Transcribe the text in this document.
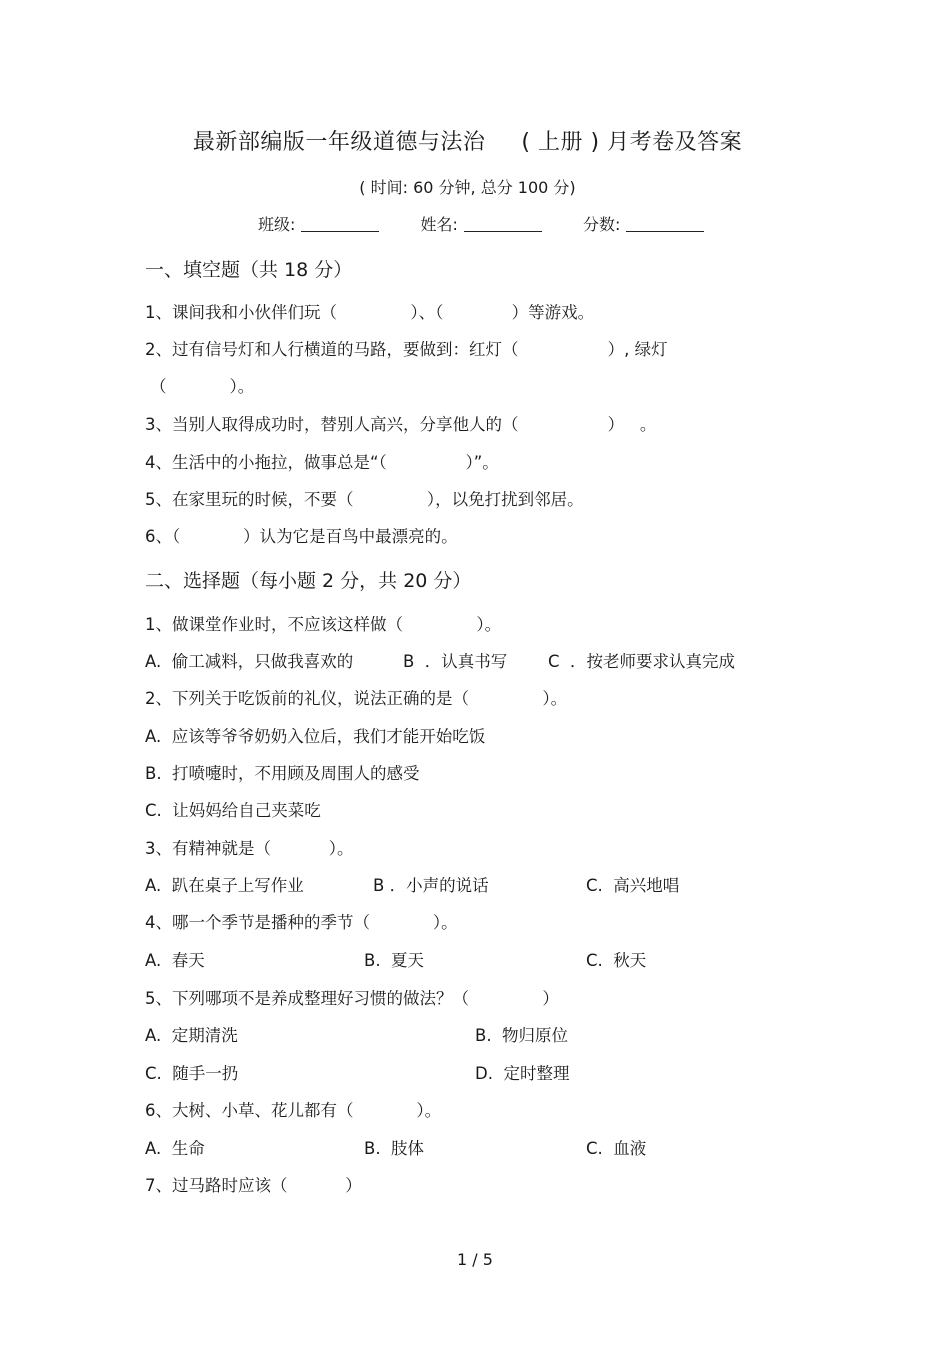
最新部编版一年级道德与法治 ( 上册 ) 月考卷及答案
( 时间: 60 分钟, 总分 100 分)
班级:	姓名:	分数:
一、填空题（共 18 分）
1、课间我和小伙伴们玩（              ）、（             ）等游戏。
2、过有信号灯和人行横道的马路，要做到：红灯（                 ）, 绿灯
（            ）。
3、当别人取得成功时，替别人高兴，分享他人的（                 ）   。
4、生活中的小拖拉，做事总是“（               ）”。
5、在家里玩的时候，不要（              ），以免打扰到邻居。
6、（            ）认为它是百鸟中最漂亮的。
二、选择题（每小题 2 分，共 20 分）
1、做课堂作业时，不应该这样做（              ）。
A.  偷工减料，只做我喜欢的	B  ．认真书写 C  ．按老师要求认真完成
2、下列关于吃饭前的礼仪，说法正确的是（              ）。
A.  应该等爷爷奶奶入位后，我们才能开始吃饭
B.  打喷嚏时，不用顾及周围人的感受
C.  让妈妈给自己夹菜吃
3、有精神就是（           ）。
A.  趴在桌子上写作业	B ．小声的说话	C.  高兴地唱
4、哪一个季节是播种的季节（            ）。
A.  春天	B.  夏天	C.  秋天
5、下列哪项不是养成整理好习惯的做法？（              ）
A.  定期清洗	B.  物归原位
C.  随手一扔	D.  定时整理
6、大树、小草、花儿都有（            ）。
A.  生命	B.  肢体	C.  血液
7、过马路时应该（           ）
1 / 5
